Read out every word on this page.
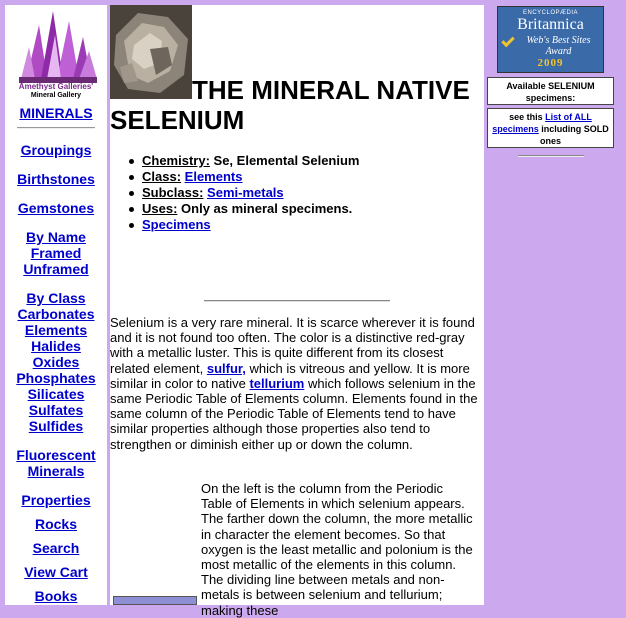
Amethyst Galleries'
Mineral Gallery
MINERALS
Groupings
Birthstones
Gemstones
By Name
Framed
Unframed
By Class
Carbonates
Elements
Halides
Oxides
Phosphates
Silicates
Sulfates
Sulfides
Fluorescent
Minerals
Properties
Rocks
Search
View Cart
Books
THE MINERAL NATIVE
SELENIUM
Chemistry: Se, Elemental Selenium
Class: Elements
Subclass: Semi-metals
Uses: Only as mineral specimens.
Specimens

Selenium is a very rare mineral. It is scarce wherever it is found and it is not found too often. The color is a distinctive red-gray with a metallic luster. This is quite different from its closest related element, sulfur, which is vitreous and yellow. It is more similar in color to native tellurium which follows selenium in the same Periodic Table of Elements column. Elements found in the same column of the Periodic Table of Elements tend to have similar properties although those properties also tend to strengthen or diminish either up or down the column.

On the left is the column from the Periodic Table of Elements in which selenium appears. The farther down the column, the more metallic in character the element becomes. So that oxygen is the least metallic and polonium is the most metallic of the elements in this column. The dividing line between metals and non-metals is between selenium and tellurium; making these

ENCYCLOPÆDIA
Britannica
Web's Best Sites Award
2009
Available SELENIUM specimens:
see this List of ALL specimens including SOLD ones
